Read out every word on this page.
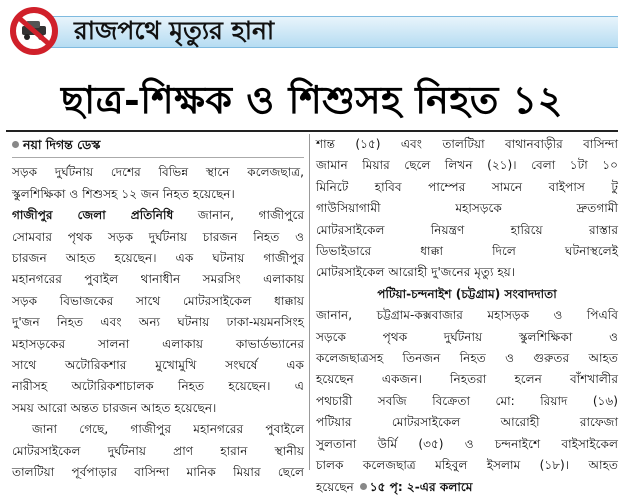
রাজপথে মৃত্যুর হানা
ছাত্র-শিক্ষক ও শিশুসহ নিহত ১২
নয়া দিগন্ত ডেস্ক
সড়ক দুর্ঘটনায় দেশের বিভিন্ন স্থানে কলেজছাত্র,
স্কুলশিক্ষিকা ও শিশুসহ ১২ জন নিহত হয়েছেন।
গাজীপুর জেলা প্রতিনিধি জানান, গাজীপুরে
সোমবার পৃথক সড়ক দুর্ঘটনায় চারজন নিহত ও
চারজন আহত হয়েছেন। এক ঘটনায় গাজীপুর
মহানগরের পুবাইল থানাধীন সমরসিং এলাকায়
সড়ক বিভাজকের সাথে মোটরসাইকেল ধাক্কায়
দু'জন নিহত এবং অন্য ঘটনায় ঢাকা-ময়মনসিংহ
মহাসড়কের সালনা এলাকায় কাভার্ডভ্যানের
সাথে অটোরিকশার মুখোমুখি সংঘর্ষে এক
নারীসহ অটোরিকশাচালক নিহত হয়েছেন। এ
সময় আরো অন্তত চারজন আহত হয়েছেন।
জানা গেছে, গাজীপুর মহানগরের পুবাইলে
মোটরসাইকেল দুর্ঘটনায় প্রাণ হারান স্থানীয়
তালটিয়া পূর্বপাড়ার বাসিন্দা মানিক মিয়ার ছেলে
শান্ত (১৫) এবং তালটিয়া বাথানবাড়ীর বাসিন্দা
জামান মিয়ার ছেলে লিখন (২১)। বেলা ১টা ১০
মিনিটে হাবিব পাম্পের সামনে বাইপাস টু
গাউসিয়াগামী মহাসড়কে দ্রুতগামী
মোটরসাইকেল নিয়ন্ত্রণ হারিয়ে রাস্তার
ডিভাইডারে ধাক্কা দিলে ঘটনাস্থলেই
মোটরসাইকেল আরোহী দু'জনের মৃত্যু হয়।
পটিয়া-চন্দনাইশ (চট্টগ্রাম) সংবাদদাতা
জানান, চট্টগ্রাম-কক্সবাজার মহাসড়ক ও পিএবি
সড়কে পৃথক দুর্ঘটনায় স্কুলশিক্ষিকা ও
কলেজছাত্রসহ তিনজন নিহত ও গুরুতর আহত
হয়েছেন একজন। নিহতরা হলেন বাঁশখালীর
পথচারী সবজি বিক্রেতা মো: রিয়াদ (১৬)
পটিয়ার মোটরসাইকেল আরোহী রাফেজা
সুলতানা উর্মি (৩৫) ও চন্দনাইশে বাইসাইকেল
চালক কলেজছাত্র মহিবুল ইসলাম (১৮)। আহত
হয়েছেন ১৫ পৃ: ২-এর কলামে
